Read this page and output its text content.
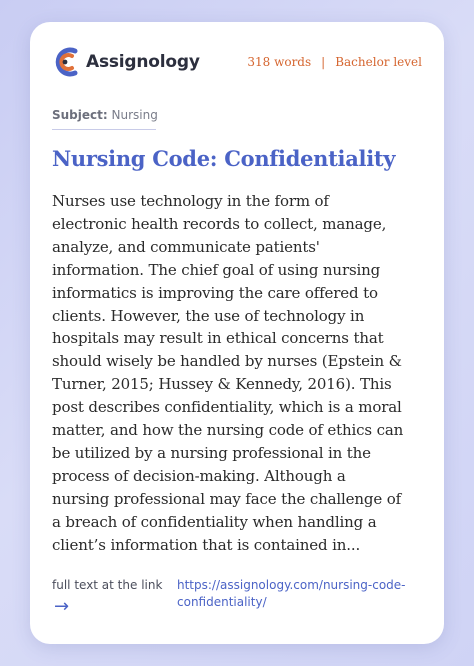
Assignology	318 words | Bachelor level
Subject: Nursing
Nursing Code: Confidentiality
Nurses use technology in the form of
electronic health records to collect, manage,
analyze, and communicate patients'
information. The chief goal of using nursing
informatics is improving the care offered to
clients. However, the use of technology in
hospitals may result in ethical concerns that
should wisely be handled by nurses (Epstein &
Turner, 2015; Hussey & Kennedy, 2016). This
post describes confidentiality, which is a moral
matter, and how the nursing code of ethics can
be utilized by a nursing professional in the
process of decision-making. Although a
nursing professional may face the challenge of
a breach of confidentiality when handling a
client’s information that is contained in...
full text at the link
→
https://assignology.com/nursing-code-
confidentiality/
